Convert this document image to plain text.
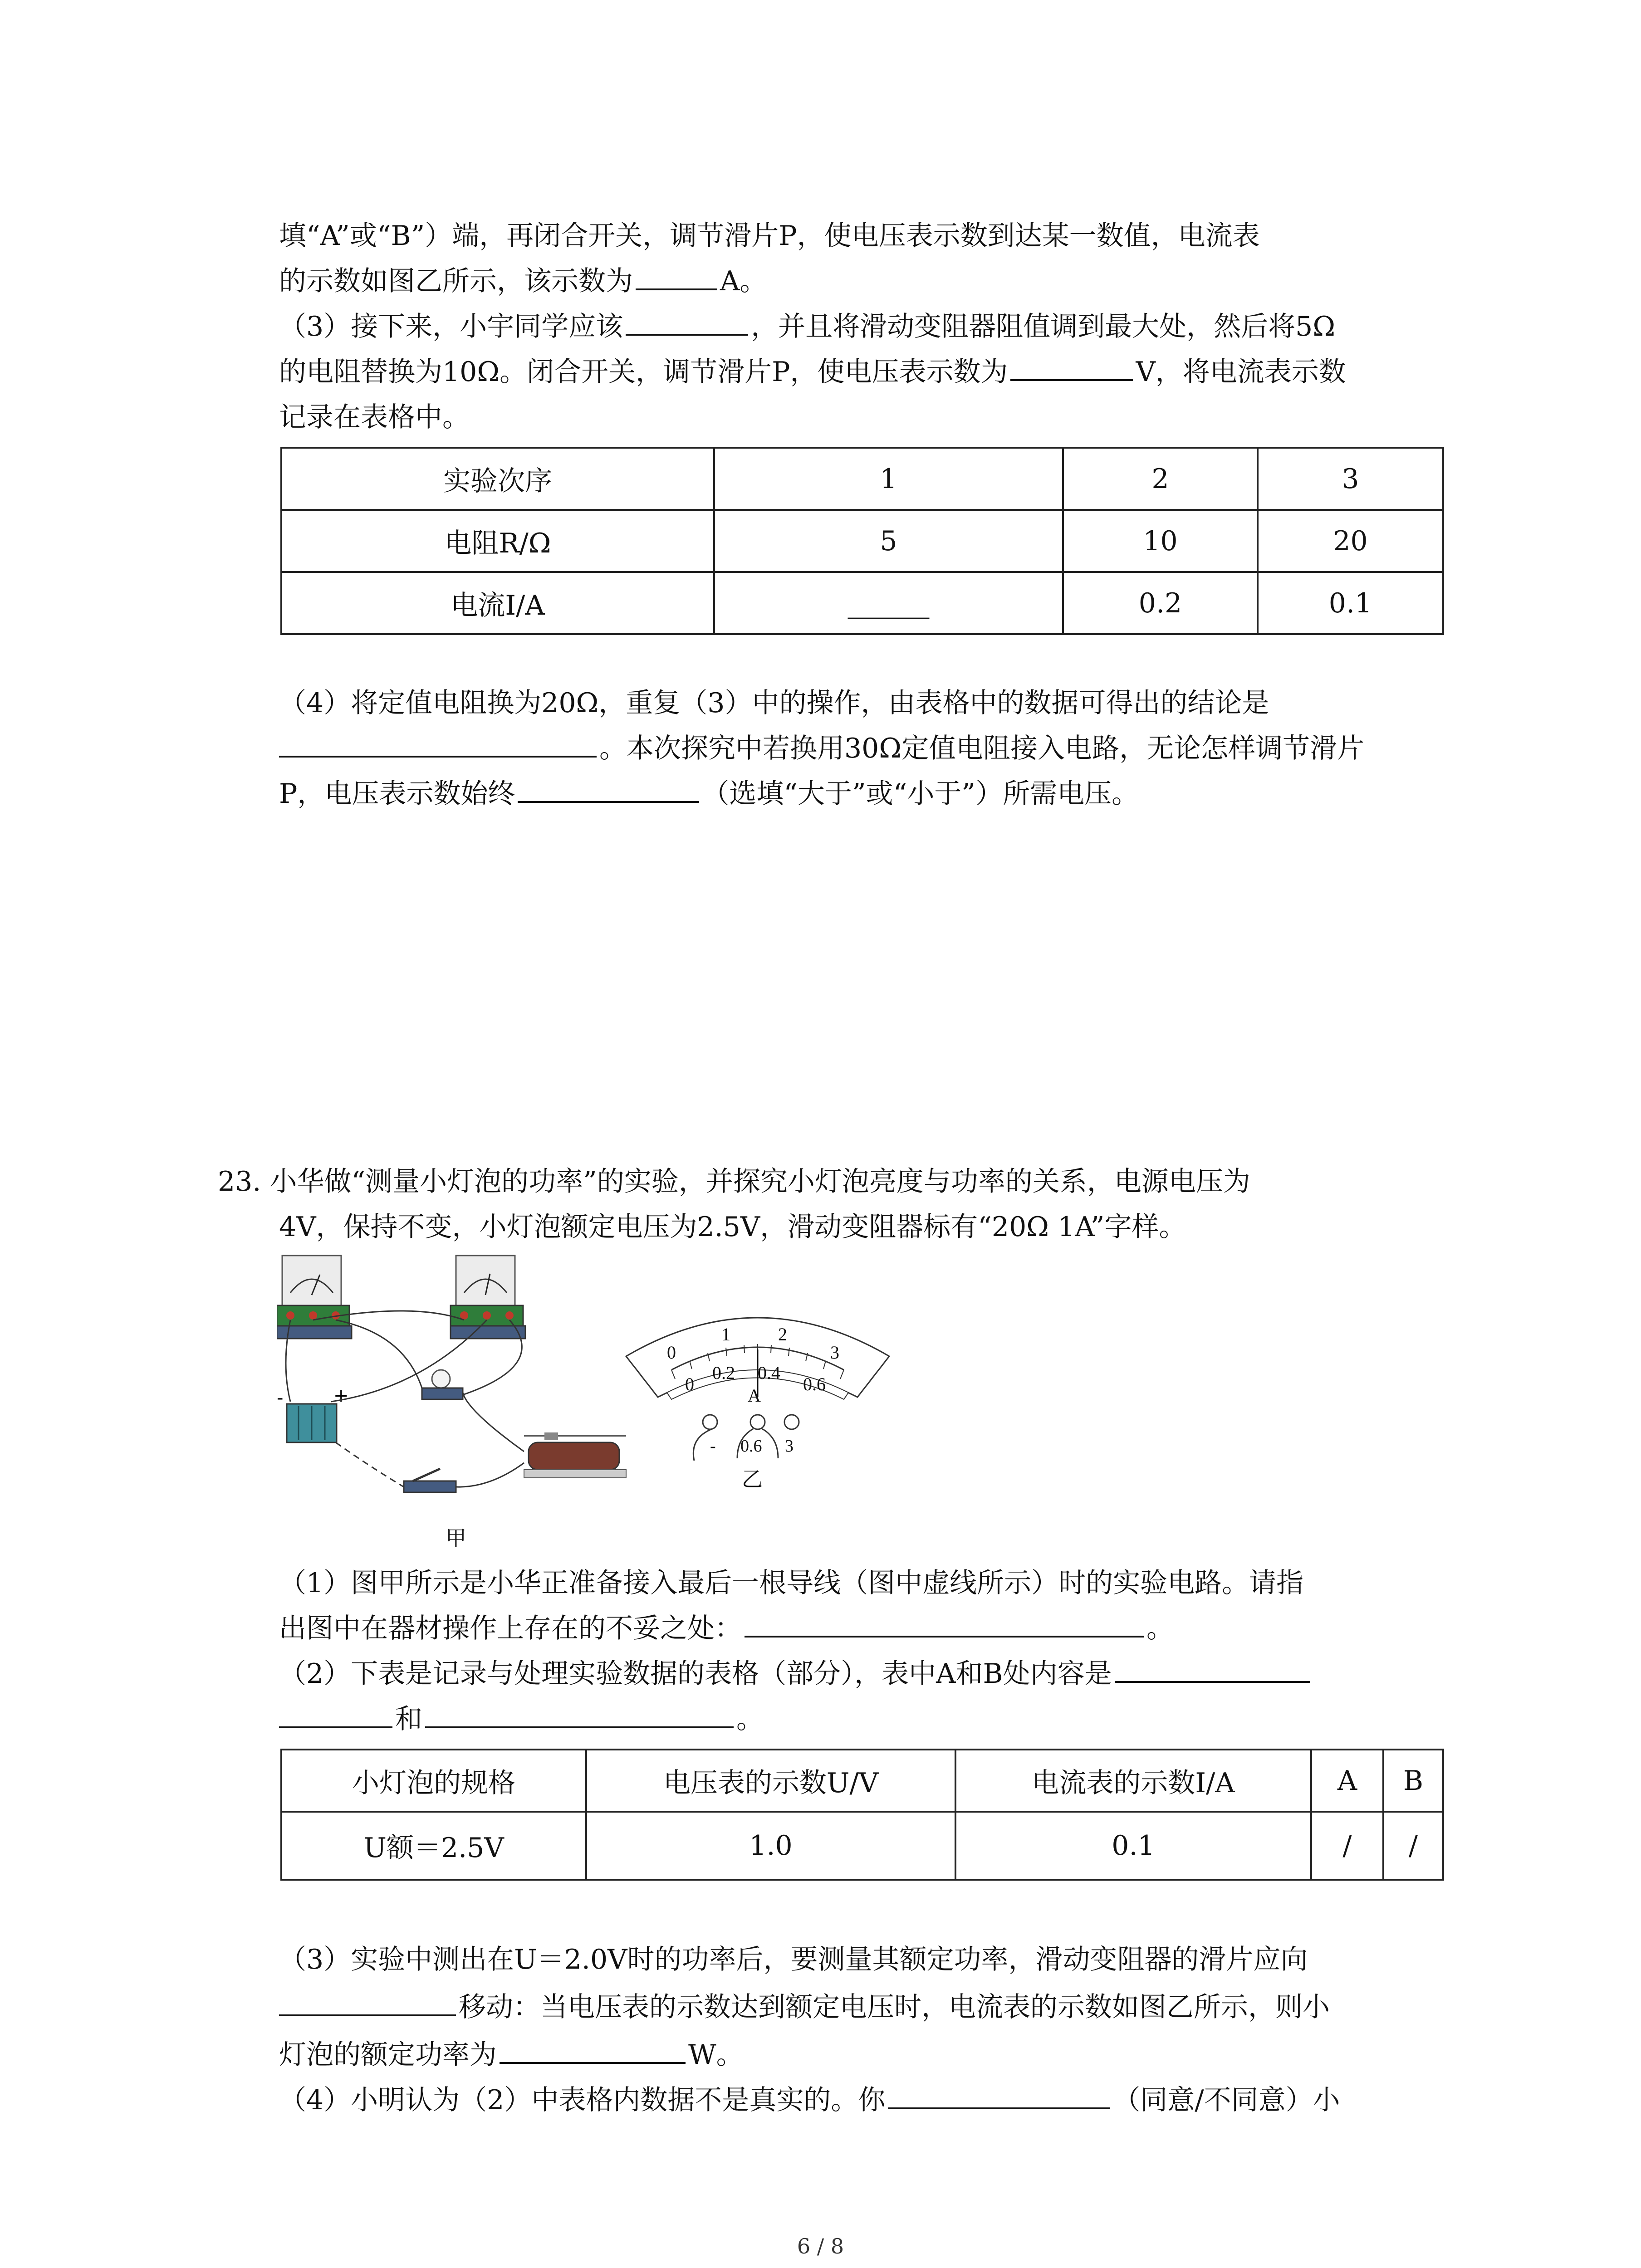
填“A”或“B”）端，再闭合开关，调节滑片P，使电压表示数到达某一数值，电流表
的示数如图乙所示，该示数为	A。
（3）接下来，小宇同学应该	，并且将滑动变阻器阻值调到最大处，然后将5Ω
的电阻替换为10Ω。闭合开关，调节滑片P，使电压表示数为	V，将电流表示数
记录在表格中。
实验次序	1	2	3
电阻R/Ω	5	10	20
电流I/A	______	0.2	0.1
（4）将定值电阻换为20Ω，重复（3）中的操作，由表格中的数据可得出的结论是
。本次探究中若换用30Ω定值电阻接入电路，无论怎样调节滑片
P，电压表示数始终	（选填“大于”或“小于”）所需电压。
23. 小华做“测量小灯泡的功率”的实验，并探究小灯泡亮度与功率的关系，电源电压为
4V，保持不变，小灯泡额定电压为2.5V，滑动变阻器标有“20Ω 1A”字样。
-	+
0
1	2
3
0
0.2 0.4
0.6
A
- 0.6 3
乙
甲
（1）图甲所示是小华正准备接入最后一根导线（图中虚线所示）时的实验电路。请指
出图中在器材操作上存在的不妥之处：	。
（2）下表是记录与处理实验数据的表格（部分），表中A和B处内容是
和	。
小灯泡的规格	电压表的示数U/V	电流表的示数I/A	A	B
U额＝2.5V	1.0	0.1	/	/
（3）实验中测出在U＝2.0V时的功率后，要测量其额定功率，滑动变阻器的滑片应向
移动：当电压表的示数达到额定电压时，电流表的示数如图乙所示，则小
灯泡的额定功率为	W。
（4）小明认为（2）中表格内数据不是真实的。你	（同意/不同意）小
6 / 8
